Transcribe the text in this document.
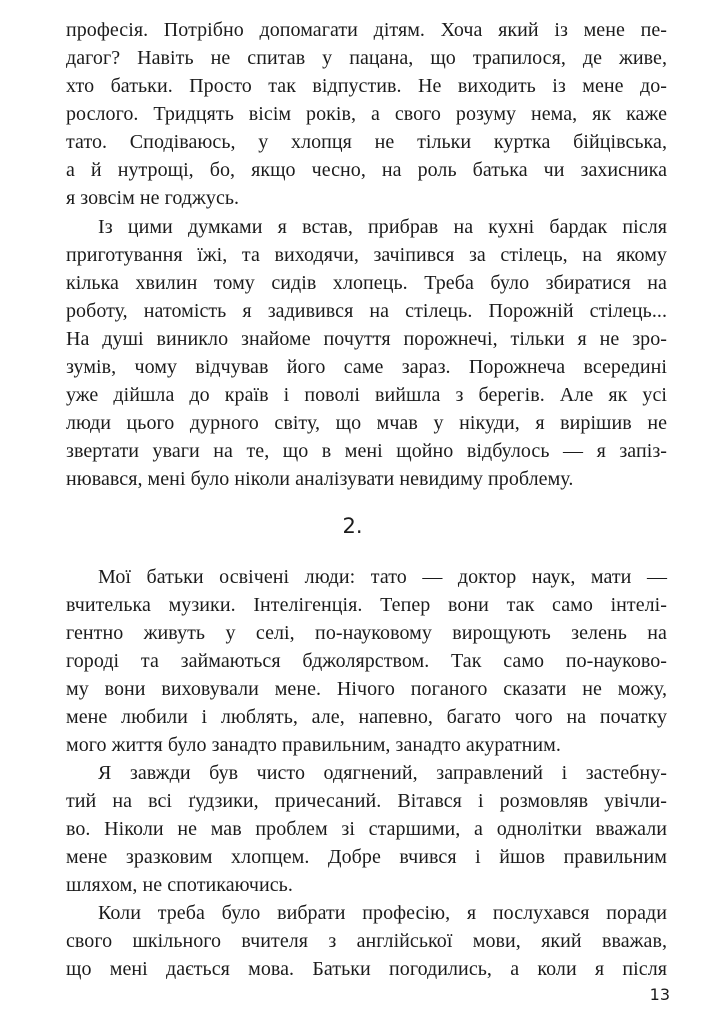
професія. Потрібно допомагати дітям. Хоча який із мене пе-
дагог? Навіть не спитав у пацана, що трапилося, де живе,
хто батьки. Просто так відпустив. Не виходить із мене до-
рослого. Тридцять вісім років, а свого розуму нема, як каже
тато. Сподіваюсь, у хлопця не тільки куртка бійцівська,
а й нутрощі, бо, якщо чесно, на роль батька чи захисника
я зовсім не годжусь.
Із цими думками я встав, прибрав на кухні бардак після
приготування їжі, та виходячи, зачіпився за стілець, на якому
кілька хвилин тому сидів хлопець. Треба було збиратися на
роботу, натомість я задивився на стілець. Порожній стілець...
На душі виникло знайоме почуття порожнечі, тільки я не зро-
зумів, чому відчував його саме зараз. Порожнеча всередині
уже дійшла до країв і поволі вийшла з берегів. Але як усі
люди цього дурного світу, що мчав у нікуди, я вирішив не
звертати уваги на те, що в мені щойно відбулось — я запіз-
нювався, мені було ніколи аналізувати невидиму проблему.
2.
Мої батьки освічені люди: тато — доктор наук, мати —
вчителька музики. Інтелігенція. Тепер вони так само інтелі-
гентно живуть у селі, по-науковому вирощують зелень на
городі та займаються бджолярством. Так само по-науково-
му вони виховували мене. Нічого поганого сказати не можу,
мене любили і люблять, але, напевно, багато чого на початку
мого життя було занадто правильним, занадто акуратним.
Я завжди був чисто одягнений, заправлений і застебну-
тий на всі ґудзики, причесаний. Вітався і розмовляв увічли-
во. Ніколи не мав проблем зі старшими, а однолітки вважали
мене зразковим хлопцем. Добре вчився і йшов правильним
шляхом, не спотикаючись.
Коли треба було вибрати професію, я послухався поради
свого шкільного вчителя з англійської мови, який вважав,
що мені дається мова. Батьки погодились, а коли я після
13
